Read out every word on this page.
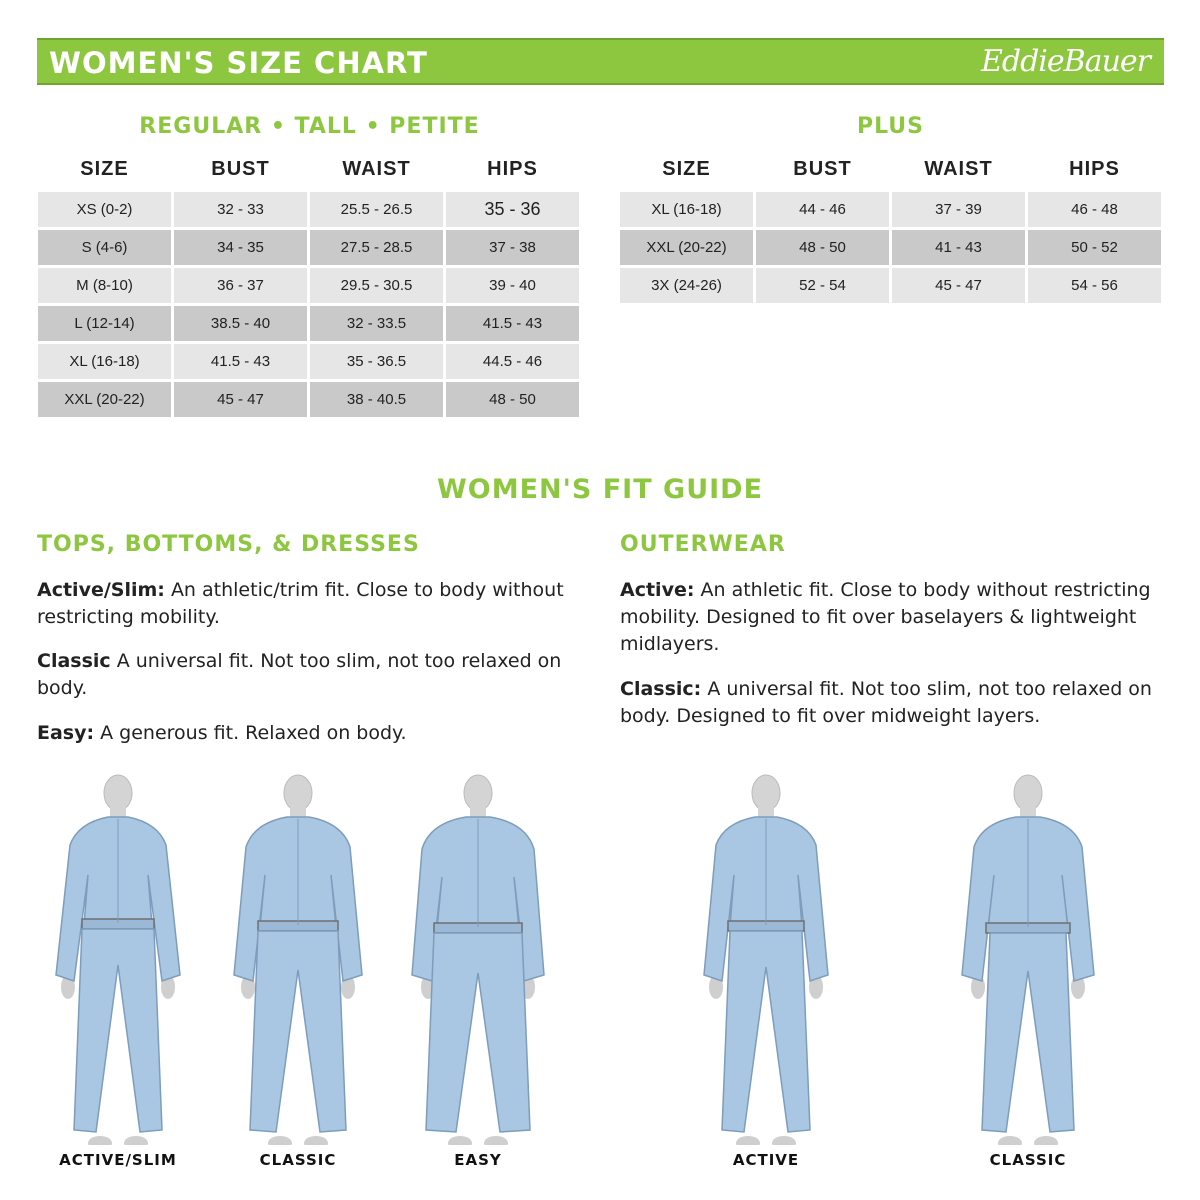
WOMEN'S SIZE CHART	EddieBauer
REGULAR • TALL • PETITE
SIZE	BUST	WAIST	HIPS
XS (0-2)	32 - 33	25.5 - 26.5	35 - 36
S (4-6)	34 - 35	27.5 - 28.5	37 - 38
M (8-10)	36 - 37	29.5 - 30.5	39 - 40
L (12-14)	38.5 - 40	32 - 33.5	41.5 - 43
XL (16-18)	41.5 - 43	35 - 36.5	44.5 - 46
XXL (20-22)	45 - 47	38 - 40.5	48 - 50
PLUS
SIZE	BUST	WAIST	HIPS
XL (16-18)	44 - 46	37 - 39	46 - 48
XXL (20-22)	48 - 50	41 - 43	50 - 52
3X (24-26)	52 - 54	45 - 47	54 - 56
WOMEN'S FIT GUIDE
TOPS, BOTTOMS, & DRESSES
Active/Slim: An athletic/trim fit. Close to body without restricting mobility.
Classic A universal fit. Not too slim, not too relaxed on body.
Easy: A generous fit. Relaxed on body.
OUTERWEAR
Active: An athletic fit. Close to body without restricting mobility. Designed to fit over baselayers & lightweight midlayers.
Classic: A universal fit. Not too slim, not too relaxed on body. Designed to fit over midweight layers.
ACTIVE/SLIM	CLASSIC	EASY	ACTIVE	CLASSIC
